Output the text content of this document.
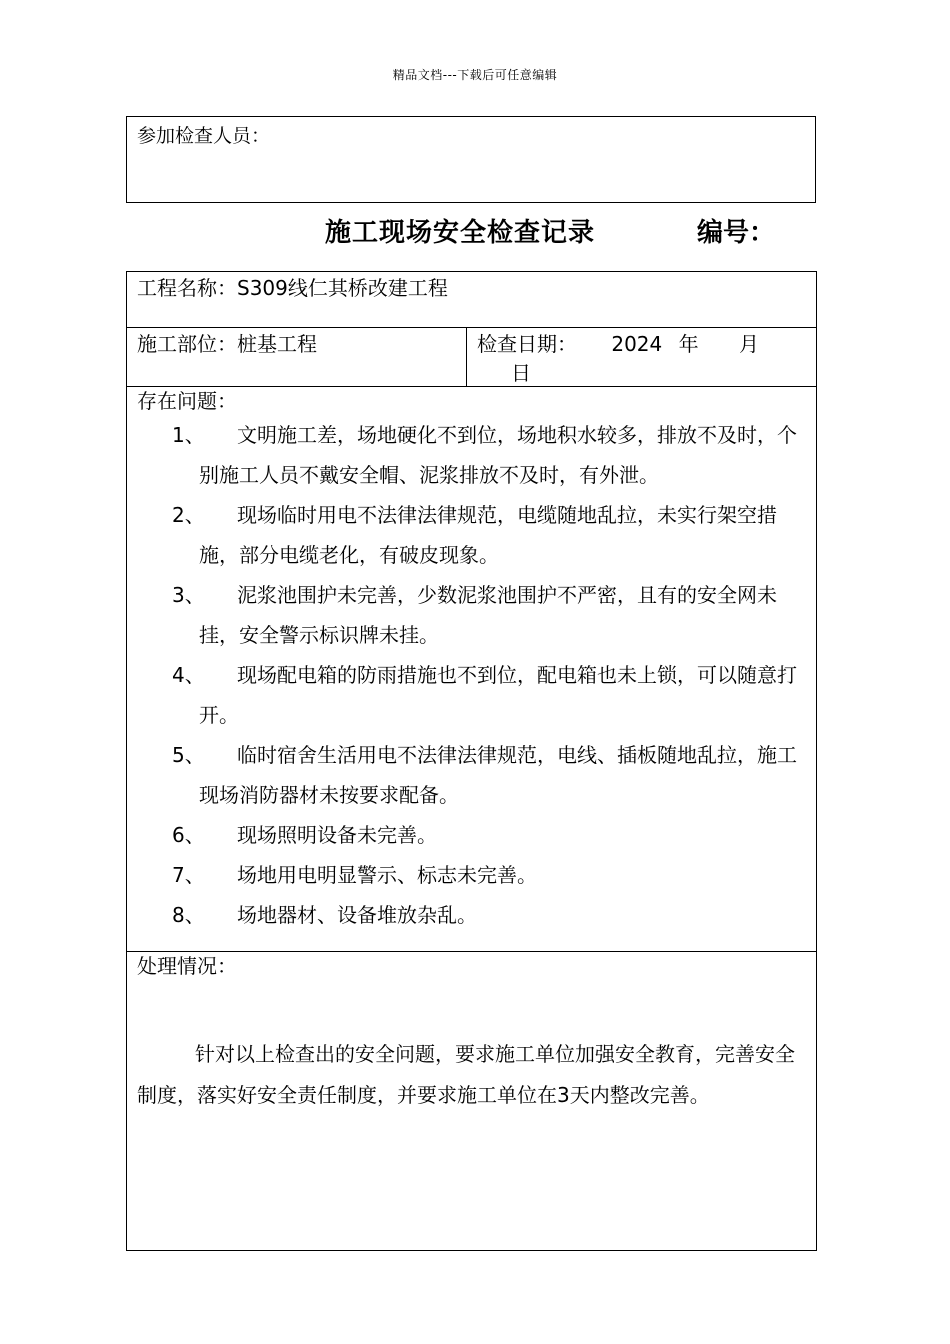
精品文档---下载后可任意编辑
参加检查人员：
施工现场安全检查记录	编号：
工程名称：S309线仁其桥改建工程
施工部位：桩基工程	检查日期： 2024 年 月 日

存在问题：
1、	文明施工差，场地硬化不到位，场地积水较多，排放不及时，个别施工人员不戴安全帽、泥浆排放不及时，有外泄。
2、	现场临时用电不法律法律规范，电缆随地乱拉，未实行架空措施，部分电缆老化，有破皮现象。
3、	泥浆池围护未完善，少数泥浆池围护不严密，且有的安全网未挂，安全警示标识牌未挂。
4、	现场配电箱的防雨措施也不到位，配电箱也未上锁，可以随意打开。
5、	临时宿舍生活用电不法律法律规范，电线、插板随地乱拉，施工现场消防器材未按要求配备。
6、	现场照明设备未完善。
7、	场地用电明显警示、标志未完善。
8、	场地器材、设备堆放杂乱。

处理情况：
针对以上检查出的安全问题，要求施工单位加强安全教育，完善安全制度，落实好安全责任制度，并要求施工单位在3天内整改完善。
